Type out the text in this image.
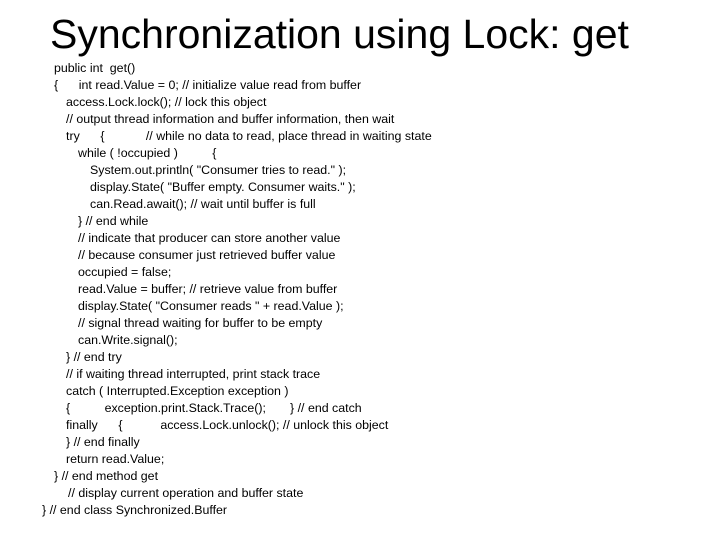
Synchronization using Lock: get
public int  get()
{      int read.Value = 0; // initialize value read from buffer
access.Lock.lock(); // lock this object
// output thread information and buffer information, then wait
try      {            // while no data to read, place thread in waiting state
while ( !occupied )          {
System.out.println( "Consumer tries to read." );
display.State( "Buffer empty. Consumer waits." );
can.Read.await(); // wait until buffer is full
} // end while
// indicate that producer can store another value
// because consumer just retrieved buffer value
occupied = false;
read.Value = buffer; // retrieve value from buffer
display.State( "Consumer reads " + read.Value );
// signal thread waiting for buffer to be empty
can.Write.signal();
} // end try
// if waiting thread interrupted, print stack trace
catch ( Interrupted.Exception exception )
{          exception.print.Stack.Trace();       } // end catch
finally      {           access.Lock.unlock(); // unlock this object
} // end finally
return read.Value;
} // end method get
// display current operation and buffer state
} // end class Synchronized.Buffer
